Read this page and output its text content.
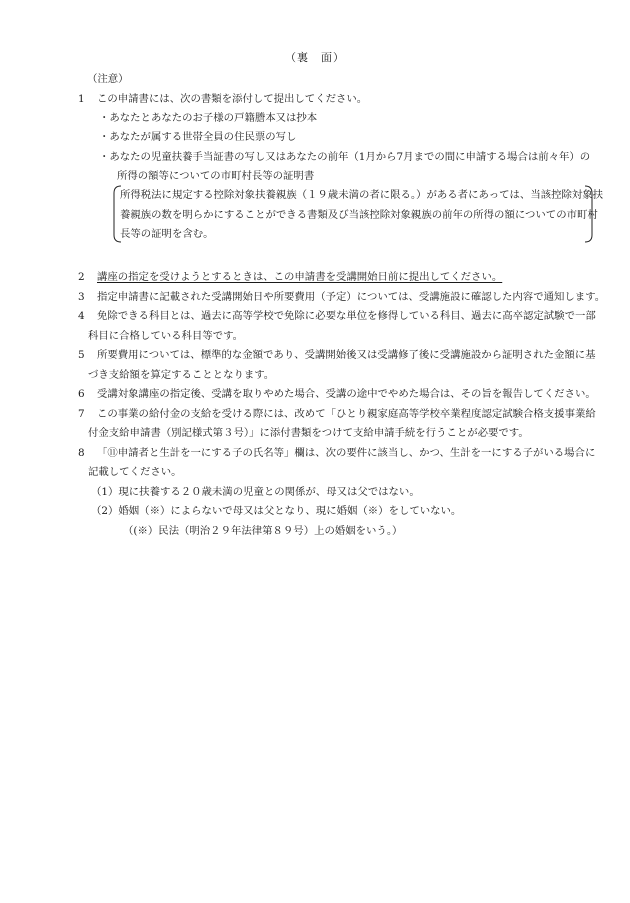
（裏　面）
（注意）
1 この申請書には、次の書類を添付して提出してください。
・あなたとあなたのお子様の戸籍謄本又は抄本
・あなたが属する世帯全員の住民票の写し
・あなたの児童扶養手当証書の写し又はあなたの前年（1月から7月までの間に申請する場合は前々年）の
所得の額等についての市町村長等の証明書
所得税法に規定する控除対象扶養親族（１９歳未満の者に限る。）がある者にあっては、当該控除対象扶
養親族の数を明らかにすることができる書類及び当該控除対象親族の前年の所得の額についての市町村
長等の証明を含む。
2 講座の指定を受けようとするときは、この申請書を受講開始日前に提出してください。
3 指定申請書に記載された受講開始日や所要費用（予定）については、受講施設に確認した内容で通知します。
4 免除できる科目とは、過去に高等学校で免除に必要な単位を修得している科目、過去に高卒認定試験で一部
科目に合格している科目等です。
5 所要費用については、標準的な金額であり、受講開始後又は受講修了後に受講施設から証明された金額に基
づき支給額を算定することとなります。
6 受講対象講座の指定後、受講を取りやめた場合、受講の途中でやめた場合は、その旨を報告してください。
7 この事業の給付金の支給を受ける際には、改めて「ひとり親家庭高等学校卒業程度認定試験合格支援事業給
付金支給申請書（別記様式第３号）」に添付書類をつけて支給申請手続を行うことが必要です。
8 「⑪申請者と生計を一にする子の氏名等」欄は、次の要件に該当し、かつ、生計を一にする子がいる場合に
記載してください。
（1）現に扶養する２０歳未満の児童との関係が、母又は父ではない。
（2）婚姻（※）によらないで母又は父となり、現に婚姻（※）をしていない。
（(※）民法（明治２９年法律第８９号）上の婚姻をいう。）
